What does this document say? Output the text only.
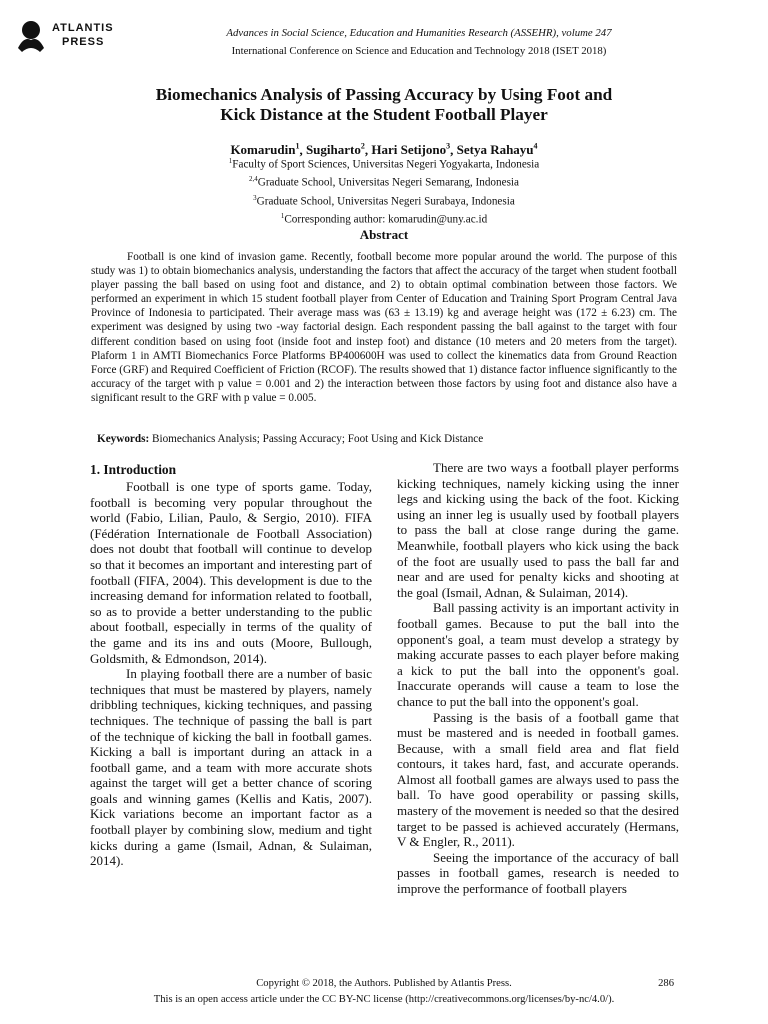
ATLANTIS
PRESS
Advances in Social Science, Education and Humanities Research (ASSEHR), volume 247
International Conference on Science and Education and Technology 2018 (ISET 2018)
Biomechanics Analysis of Passing Accuracy by Using Foot and
Kick Distance at the Student Football Player
Komarudin$^1$, Sugiharto$^2$, Hari Setijono$^3$, Setya Rahayu$^4$
$^1$Faculty of Sport Sciences, Universitas Negeri Yogyakarta, Indonesia
$^{2,4}$Graduate School, Universitas Negeri Semarang, Indonesia
$^3$Graduate School, Universitas Negeri Surabaya, Indonesia
$^1$Corresponding author: komarudin@uny.ac.id
Abstract
Football is one kind of invasion game. Recently, football become more popular around the world. The purpose of this study was 1) to obtain biomechanics analysis, understanding the factors that affect the accuracy of the target when student football player passing the ball based on using foot and distance, and 2) to obtain optimal combination between those factors. We performed an experiment in which 15 student football player from Center of Education and Training Sport Program Central Java Province of Indonesia to participated. Their average mass was (63 ± 13.19) kg and average height was (172 ± 6.23) cm. The experiment was designed by using two -way factorial design. Each respondent passing the ball against to the target with four different condition based on using foot (inside foot and instep foot) and distance (10 meters and 20 meters from the target). Plaform 1 in AMTI Biomechanics Force Platforms BP400600H was used to collect the kinematics data from Ground Reaction Force (GRF) and Required Coefficient of Friction (RCOF). The results showed that 1) distance factor influence significantly to the accuracy of the target with p value = 0.001 and 2) the interaction between those factors by using foot and distance also have a significant result to the GRF with p value = 0.005.
Keywords: Biomechanics Analysis; Passing Accuracy; Foot Using and Kick Distance
1. Introduction

Football is one type of sports game. Today, football is becoming very popular throughout the world (Fabio, Lilian, Paulo, & Sergio, 2010). FIFA (Fédération Internationale de Football Association) does not doubt that football will continue to develop so that it becomes an important and interesting part of football (FIFA, 2004). This development is due to the increasing demand for information related to football, so as to provide a better understanding to the public about football, especially in terms of the quality of the game and its ins and outs (Moore, Bullough, Goldsmith, & Edmondson, 2014).

In playing football there are a number of basic techniques that must be mastered by players, namely dribbling techniques, kicking techniques, and passing techniques. The technique of passing the ball is part of the technique of kicking the ball in football games. Kicking a ball is important during an attack in a football game, and a team with more accurate shots against the target will get a better chance of scoring goals and winning games (Kellis and Katis, 2007). Kick variations become an important factor as a football player by combining slow, medium and tight kicks during a game (Ismail, Adnan, & Sulaiman, 2014).

There are two ways a football player performs kicking techniques, namely kicking using the inner legs and kicking using the back of the foot. Kicking using an inner leg is usually used by football players to pass the ball at close range during the game. Meanwhile, football players who kick using the back of the foot are usually used to pass the ball far and near and are used for penalty kicks and shooting at the goal (Ismail, Adnan, & Sulaiman, 2014).

Ball passing activity is an important activity in football games. Because to put the ball into the opponent's goal, a team must develop a strategy by making accurate passes to each player before making a kick to put the ball into the opponent's goal. Inaccurate operands will cause a team to lose the chance to put the ball into the opponent's goal.

Passing is the basis of a football game that must be mastered and is needed in football games. Because, with a small field area and flat field contours, it takes hard, fast, and accurate operands. Almost all football games are always used to pass the ball. To have good operability or passing skills, mastery of the movement is needed so that the desired target to be passed is achieved accurately (Hermans, V & Engler, R., 2011).

Seeing the importance of the accuracy of ball passes in football games, research is needed to improve the performance of football players

Copyright © 2018, the Authors. Published by Atlantis Press.	286
This is an open access article under the CC BY-NC license (http://creativecommons.org/licenses/by-nc/4.0/).
